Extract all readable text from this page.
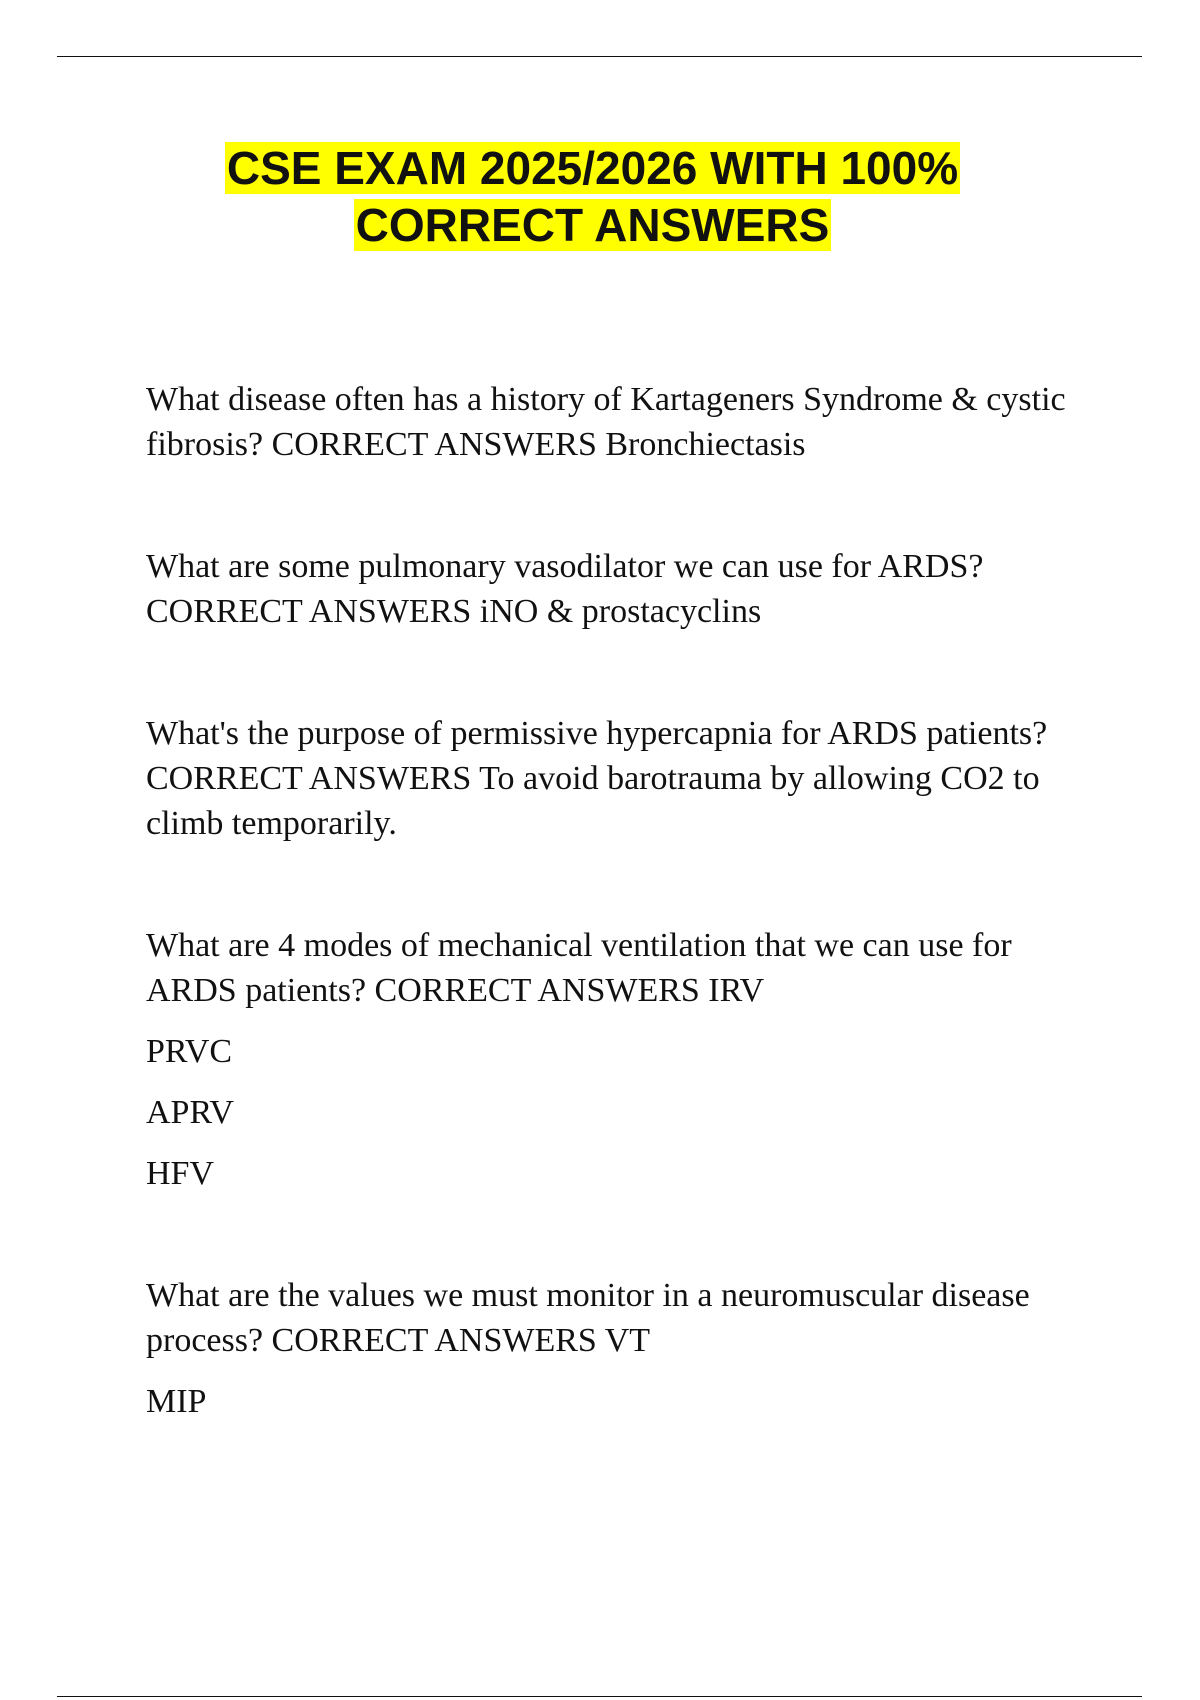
CSE EXAM 2025/2026 WITH 100%
CORRECT ANSWERS

What disease often has a history of Kartageners Syndrome & cystic fibrosis? CORRECT ANSWERS Bronchiectasis

What are some pulmonary vasodilator we can use for ARDS? CORRECT ANSWERS iNO & prostacyclins

What's the purpose of permissive hypercapnia for ARDS patients? CORRECT ANSWERS To avoid barotrauma by allowing CO2 to climb temporarily.

What are 4 modes of mechanical ventilation that we can use for ARDS patients? CORRECT ANSWERS IRV

PRVC

APRV

HFV

What are the values we must monitor in a neuromuscular disease process? CORRECT ANSWERS VT

MIP
